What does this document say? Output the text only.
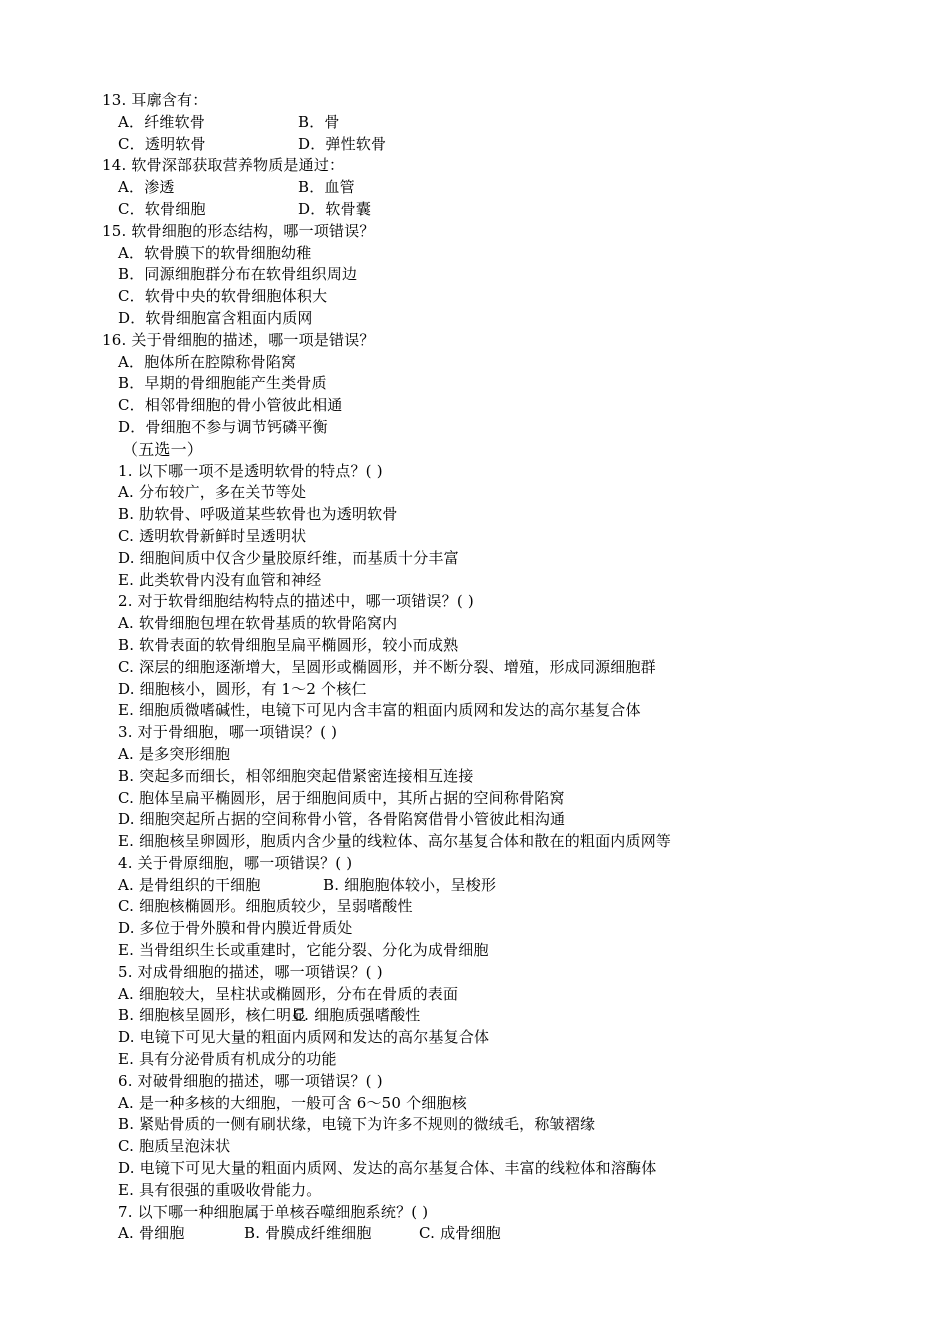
13. 耳廓含有：
A．纤维软骨	B．骨
C．透明软骨	D．弹性软骨
14. 软骨深部获取营养物质是通过：
A．渗透	B．血管
C．软骨细胞	D．软骨囊
15. 软骨细胞的形态结构，哪一项错误？
A．软骨膜下的软骨细胞幼稚
B．同源细胞群分布在软骨组织周边
C．软骨中央的软骨细胞体积大
D．软骨细胞富含粗面内质网
16. 关于骨细胞的描述，哪一项是错误？
A．胞体所在腔隙称骨陷窝
B．早期的骨细胞能产生类骨质
C．相邻骨细胞的骨小管彼此相通
D．骨细胞不参与调节钙磷平衡
（五选一）
1. 以下哪一项不是透明软骨的特点？( )
A. 分布较广，多在关节等处
B. 肋软骨、呼吸道某些软骨也为透明软骨
C. 透明软骨新鲜时呈透明状
D. 细胞间质中仅含少量胶原纤维，而基质十分丰富
E. 此类软骨内没有血管和神经
2. 对于软骨细胞结构特点的描述中，哪一项错误？( )
A. 软骨细胞包埋在软骨基质的软骨陷窝内
B. 软骨表面的软骨细胞呈扁平椭圆形，较小而成熟
C. 深层的细胞逐渐增大，呈圆形或椭圆形，并不断分裂、增殖，形成同源细胞群
D. 细胞核小，圆形，有 1～2 个核仁
E. 细胞质微嗜碱性，电镜下可见内含丰富的粗面内质网和发达的高尔基复合体
3. 对于骨细胞，哪一项错误？( )
A. 是多突形细胞
B. 突起多而细长，相邻细胞突起借紧密连接相互连接
C. 胞体呈扁平椭圆形，居于细胞间质中，其所占据的空间称骨陷窝
D. 细胞突起所占据的空间称骨小管，各骨陷窝借骨小管彼此相沟通
E. 细胞核呈卵圆形，胞质内含少量的线粒体、高尔基复合体和散在的粗面内质网等
4. 关于骨原细胞，哪一项错误？( )
A. 是骨组织的干细胞	B. 细胞胞体较小，呈梭形
C. 细胞核椭圆形。细胞质较少，呈弱嗜酸性
D. 多位于骨外膜和骨内膜近骨质处
E. 当骨组织生长或重建时，它能分裂、分化为成骨细胞
5. 对成骨细胞的描述，哪一项错误？( )
A. 细胞较大，呈柱状或椭圆形，分布在骨质的表面
B. 细胞核呈圆形，核仁明显C. 细胞质强嗜酸性
D. 电镜下可见大量的粗面内质网和发达的高尔基复合体
E. 具有分泌骨质有机成分的功能
6. 对破骨细胞的描述，哪一项错误？( )
A. 是一种多核的大细胞，一般可含 6～50 个细胞核
B. 紧贴骨质的一侧有刷状缘，电镜下为许多不规则的微绒毛，称皱褶缘
C. 胞质呈泡沫状
D. 电镜下可见大量的粗面内质网、发达的高尔基复合体、丰富的线粒体和溶酶体
E. 具有很强的重吸收骨能力。
7. 以下哪一种细胞属于单核吞噬细胞系统？( )
A. 骨细胞	B. 骨膜成纤维细胞	C. 成骨细胞
